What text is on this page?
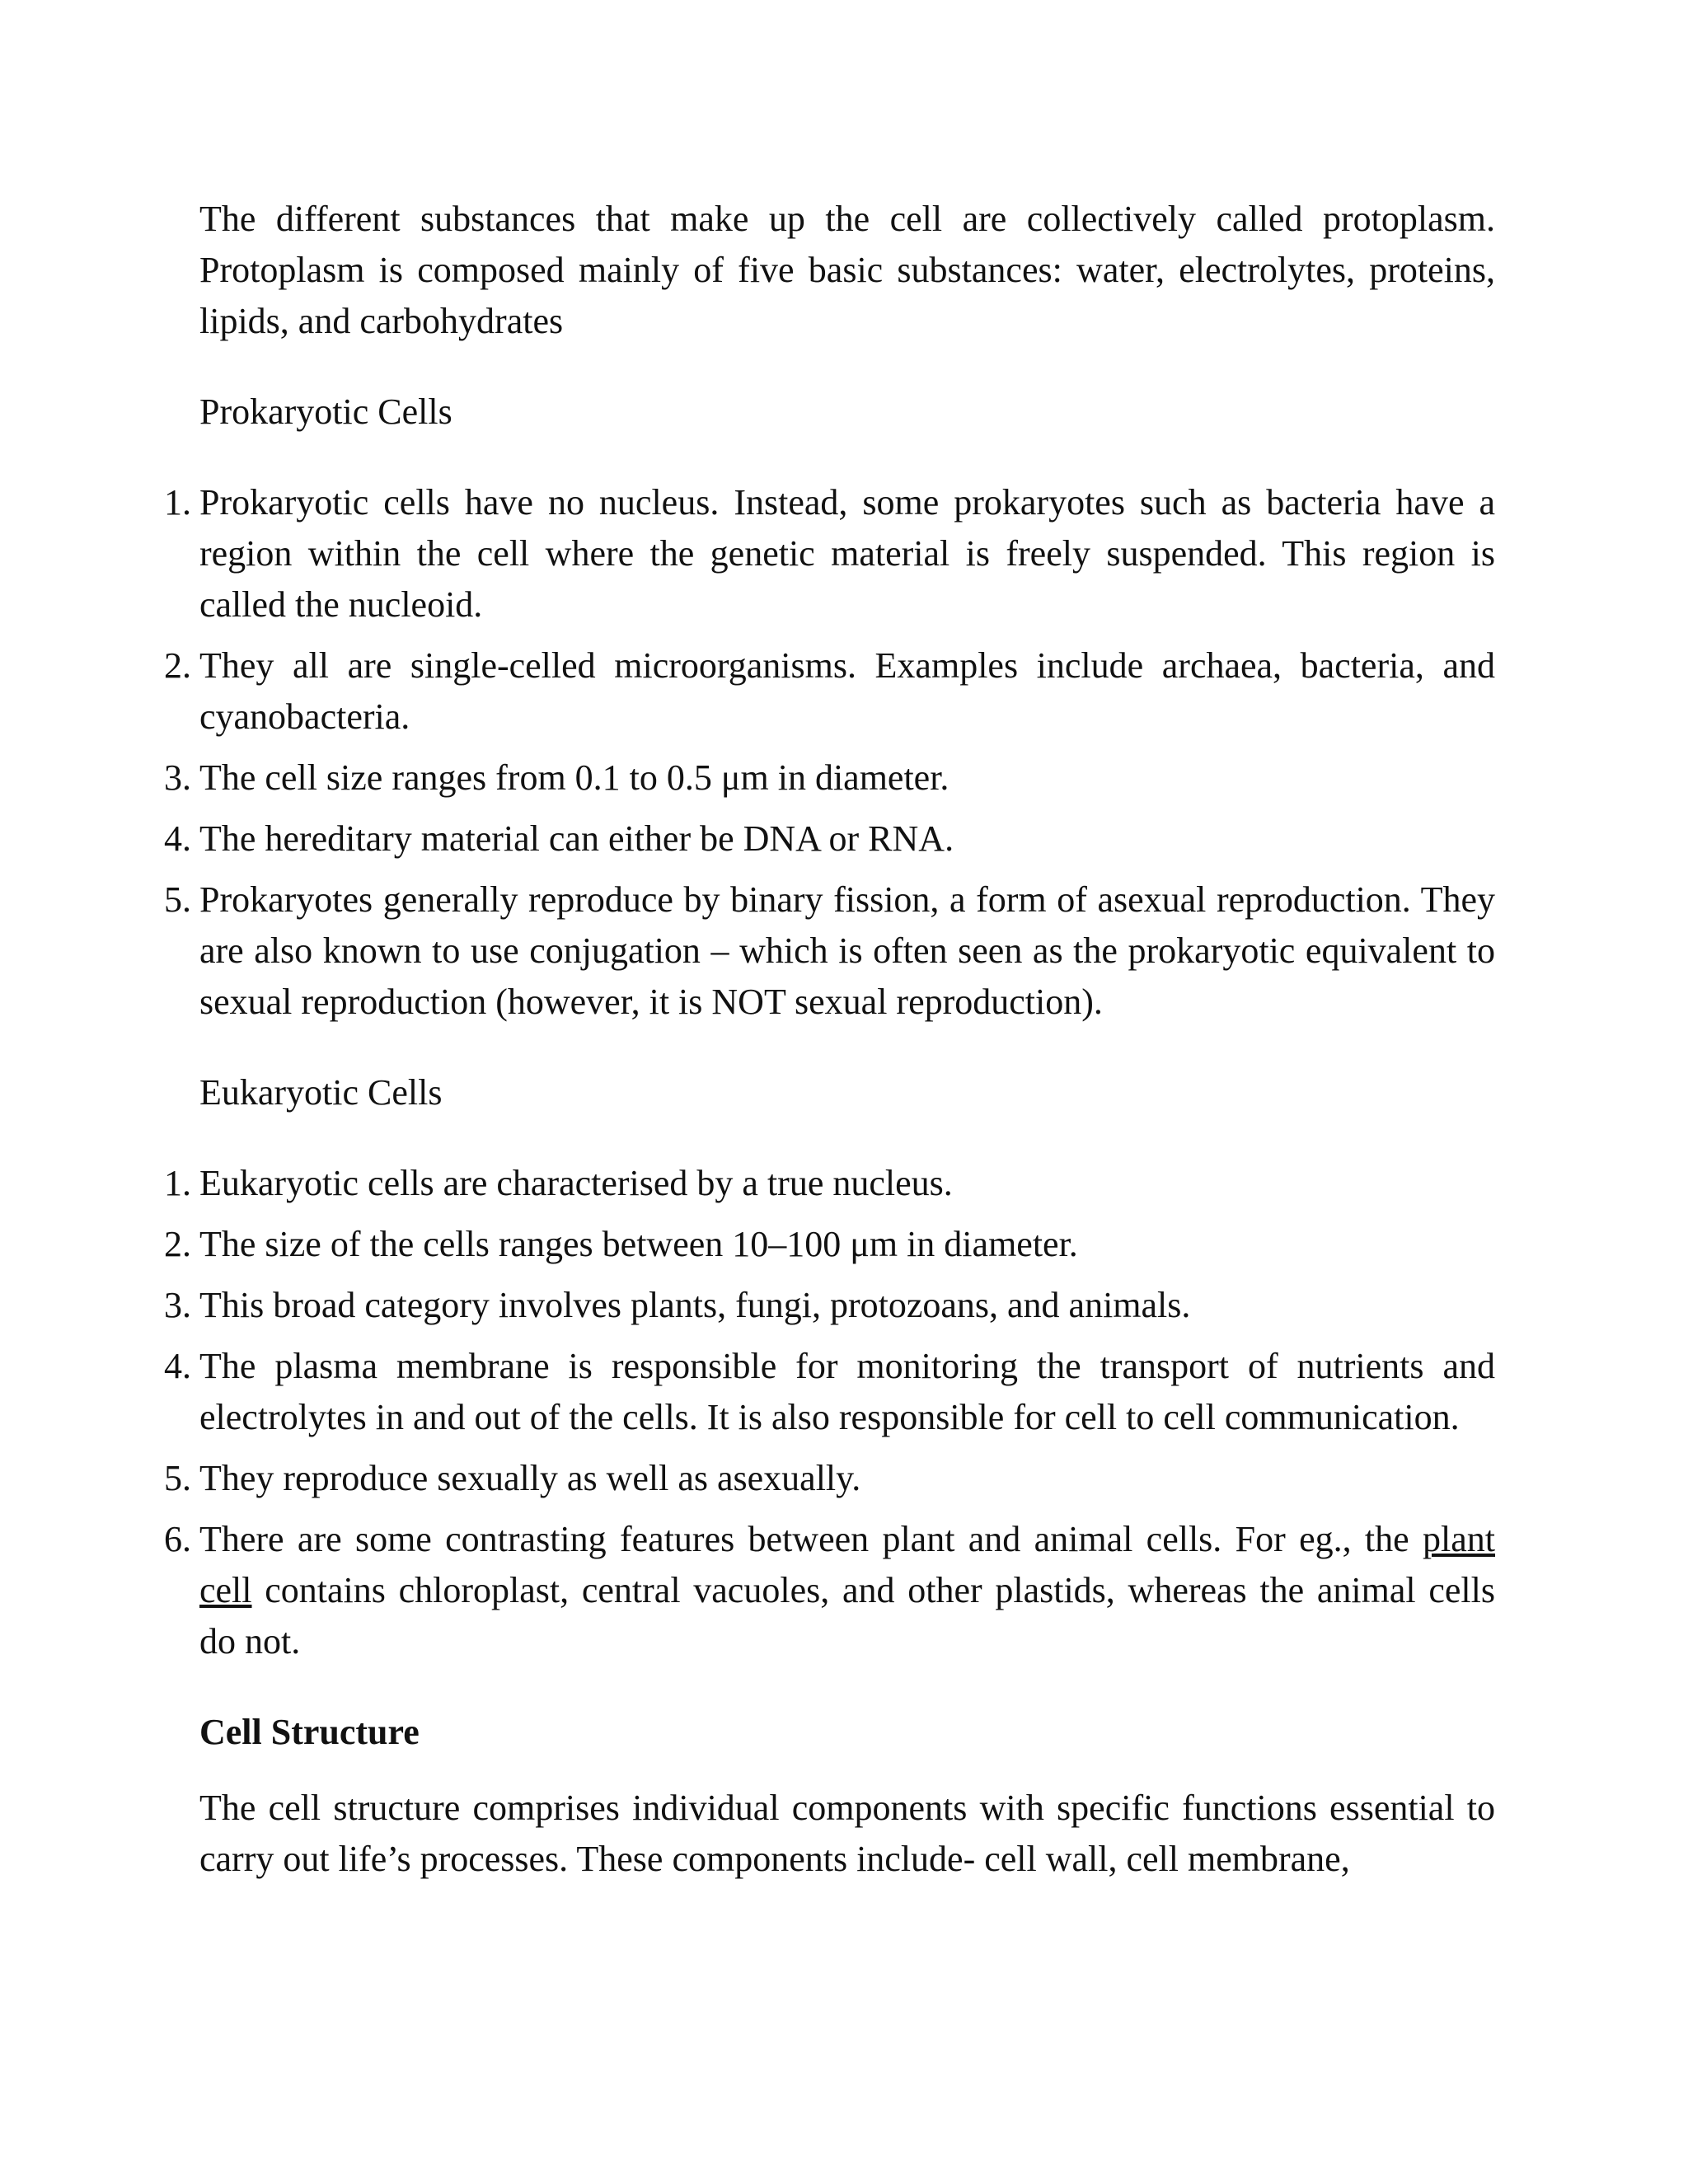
The different substances that make up the cell are collectively called protoplasm. Protoplasm is composed mainly of five basic substances: water, electrolytes, proteins, lipids, and carbohydrates

Prokaryotic Cells

1. Prokaryotic cells have no nucleus. Instead, some prokaryotes such as bacteria have a region within the cell where the genetic material is freely suspended. This region is called the nucleoid.
2. They all are single-celled microorganisms. Examples include archaea, bacteria, and cyanobacteria.
3. The cell size ranges from 0.1 to 0.5 μm in diameter.
4. The hereditary material can either be DNA or RNA.
5. Prokaryotes generally reproduce by binary fission, a form of asexual reproduction. They are also known to use conjugation – which is often seen as the prokaryotic equivalent to sexual reproduction (however, it is NOT sexual reproduction).

Eukaryotic Cells

1. Eukaryotic cells are characterised by a true nucleus.
2. The size of the cells ranges between 10–100 μm in diameter.
3. This broad category involves plants, fungi, protozoans, and animals.
4. The plasma membrane is responsible for monitoring the transport of nutrients and electrolytes in and out of the cells. It is also responsible for cell to cell communication.
5. They reproduce sexually as well as asexually.
6. There are some contrasting features between plant and animal cells. For eg., the plant cell contains chloroplast, central vacuoles, and other plastids, whereas the animal cells do not.

Cell Structure

The cell structure comprises individual components with specific functions essential to carry out life’s processes. These components include- cell wall, cell membrane,
